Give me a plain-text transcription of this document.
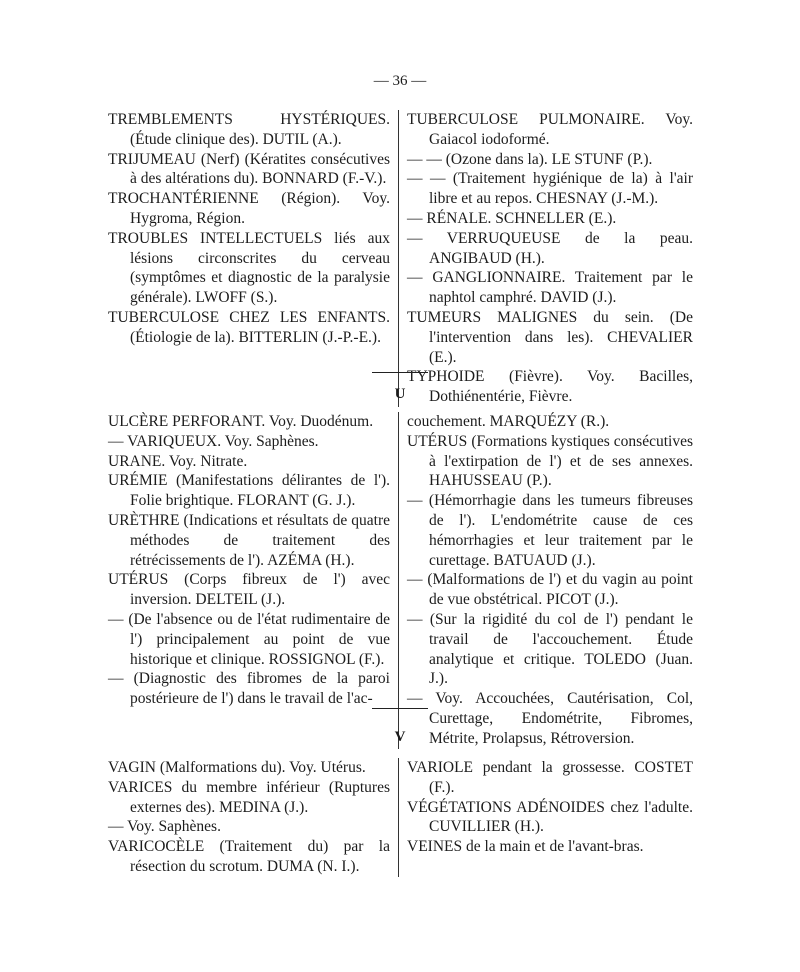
— 36 —
TREMBLEMENTS HYSTÉRIQUES. (Étude clinique des). DUTIL (A.).
TRIJUMEAU (Nerf) (Kératites consécutives à des altérations du). BONNARD (F.-V.).
TROCHANTÉRIENNE (Région). Voy. Hygroma, Région.
TROUBLES INTELLECTUELS liés aux lésions circonscrites du cerveau (symptômes et diagnostic de la paralysie générale). LWOFF (S.).
TUBERCULOSE CHEZ LES ENFANTS. (Étiologie de la). BITTERLIN (J.-P.-E.).
TUBERCULOSE PULMONAIRE. Voy. Gaiacol iodoformé.
— — (Ozone dans la). LE STUNF (P.).
— — (Traitement hygiénique de la) à l'air libre et au repos. CHESNAY (J.-M.).
— RÉNALE. SCHNELLER (E.).
— VERRUQUEUSE de la peau. ANGIBAUD (H.).
— GANGLIONNAIRE. Traitement par le naphtol camphré. DAVID (J.).
TUMEURS MALIGNES du sein. (De l'intervention dans les). CHEVALIER (E.).
TYPHOIDE (Fièvre). Voy. Bacilles, Dothiénentérie, Fièvre.
U
ULCÈRE PERFORANT. Voy. Duodénum.
— VARIQUEUX. Voy. Saphènes.
URANE. Voy. Nitrate.
URÉMIE (Manifestations délirantes de l'). Folie brightique. FLORANT (G. J.).
URÈTHRE (Indications et résultats de quatre méthodes de traitement des rétrécissements de l'). AZÉMA (H.).
UTÉRUS (Corps fibreux de l') avec inversion. DELTEIL (J.).
— (De l'absence ou de l'état rudimentaire de l') principalement au point de vue historique et clinique. ROSSIGNOL (F.).
— (Diagnostic des fibromes de la paroi postérieure de l') dans le travail de l'ac-
couchement. MARQUÉZY (R.).
UTÉRUS (Formations kystiques consécutives à l'extirpation de l') et de ses annexes. HAHUSSEAU (P.).
— (Hémorrhagie dans les tumeurs fibreuses de l'). L'endométrite cause de ces hémorrhagies et leur traitement par le curettage. BATUAUD (J.).
— (Malformations de l') et du vagin au point de vue obstétrical. PICOT (J.).
— (Sur la rigidité du col de l') pendant le travail de l'accouchement. Étude analytique et critique. TOLEDO (Juan. J.).
— Voy. Accouchées, Cautérisation, Col, Curettage, Endométrite, Fibromes, Métrite, Prolapsus, Rétroversion.
V
VAGIN (Malformations du). Voy. Utérus.
VARICES du membre inférieur (Ruptures externes des). MEDINA (J.).
— Voy. Saphènes.
VARICOCÈLE (Traitement du) par la résection du scrotum. DUMA (N. I.).
VARIOLE pendant la grossesse. COSTET (F.).
VÉGÉTATIONS ADÉNOIDES chez l'adulte. CUVILLIER (H.).
VEINES de la main et de l'avant-bras.
